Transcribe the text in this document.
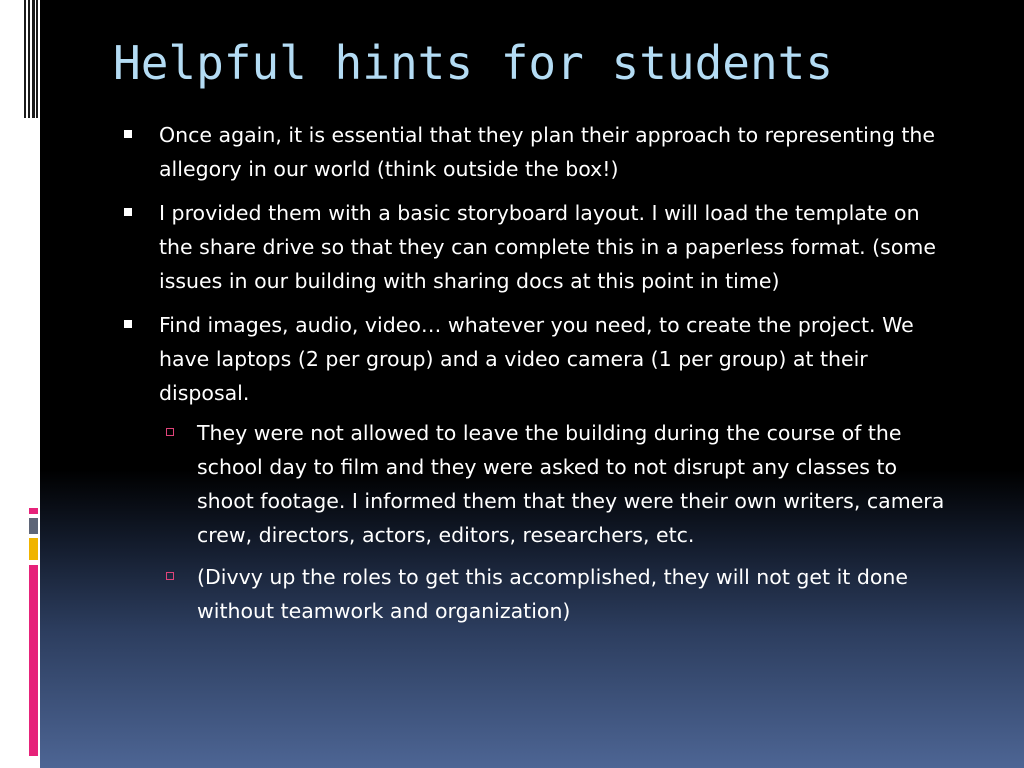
Helpful hints for students
Once again, it is essential that they plan their approach to representing the allegory in our world (think outside the box!)
I provided them with a basic storyboard layout. I will load the template on the share drive so that they can complete this in a paperless format. (some issues in our building with sharing docs at this point in time)
Find images, audio, video… whatever you need, to create the project. We have laptops (2 per group) and a video camera (1 per group) at their disposal.
They were not allowed to leave the building during the course of the school day to film and they were asked to not disrupt any classes to shoot footage. I informed them that they were their own writers, camera crew, directors, actors, editors, researchers, etc.
(Divvy up the roles to get this accomplished, they will not get it done without teamwork and organization)
